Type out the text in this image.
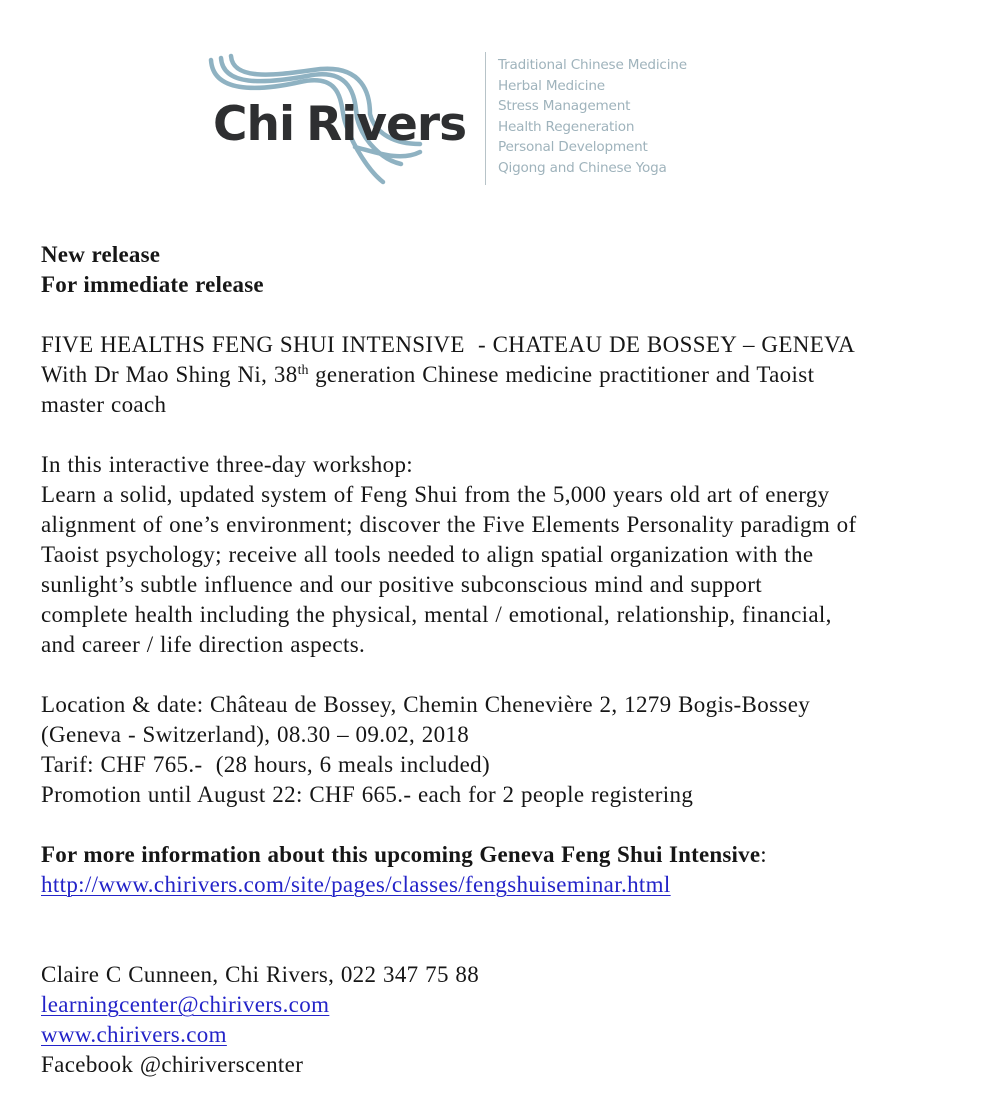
Chi Rivers
Traditional Chinese Medicine
Herbal Medicine
Stress Management
Health Regeneration
Personal Development
Qigong and Chinese Yoga
New release
For immediate release
FIVE HEALTHS FENG SHUI INTENSIVE  - CHATEAU DE BOSSEY – GENEVA
With Dr Mao Shing Ni, 38th generation Chinese medicine practitioner and Taoist
master coach
In this interactive three-day workshop:
Learn a solid, updated system of Feng Shui from the 5,000 years old art of energy
alignment of one’s environment; discover the Five Elements Personality paradigm of
Taoist psychology; receive all tools needed to align spatial organization with the
sunlight’s subtle influence and our positive subconscious mind and support
complete health including the physical, mental / emotional, relationship, financial,
and career / life direction aspects.
Location & date: Château de Bossey, Chemin Chenevière 2, 1279 Bogis-Bossey
(Geneva - Switzerland), 08.30 – 09.02, 2018
Tarif: CHF 765.-  (28 hours, 6 meals included)
Promotion until August 22: CHF 665.- each for 2 people registering
For more information about this upcoming Geneva Feng Shui Intensive:
http://www.chirivers.com/site/pages/classes/fengshuiseminar.html
Claire C Cunneen, Chi Rivers, 022 347 75 88
learningcenter@chirivers.com
www.chirivers.com
Facebook @chiriverscenter
